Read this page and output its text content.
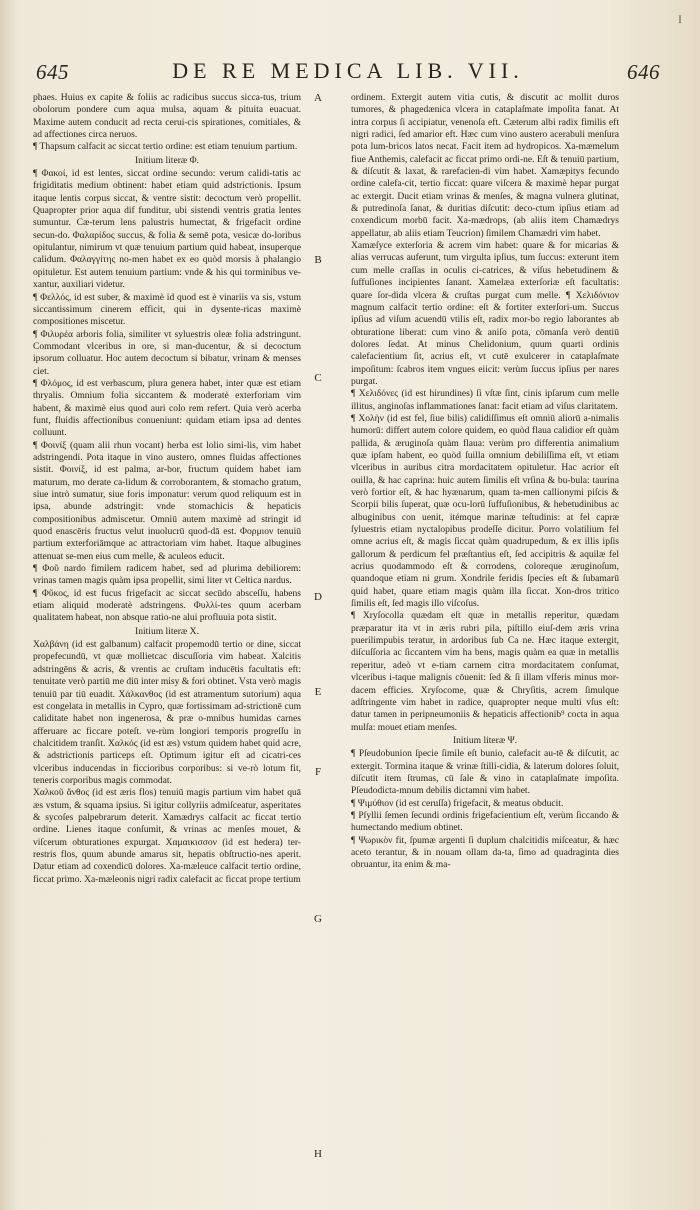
645	DE RE MEDICA LIB. VII.	646
I

phaes. Huius ex capite & foliis ac radicibus succus sicca-tus, trium obolorum pondere cum aqua mulsa, aquam & pituita euacuat. Maxime autem conducit ad recta cerui-cis spirationes, comitiales, & ad affectiones circa neruos.

¶ Thapsum calfacit ac siccat tertio ordine: est etiam tenuium partium.

Initium literæ Φ.

¶ Φακοί, id est lentes, siccat ordine secundo: verum calidi-tatis ac frigiditatis medium obtinent: habet etiam quid adstrictionis. Ipsum itaque lentis corpus siccat, & ventre sistit: decoctum verò propellit. Quapropter prior aqua dif funditur, ubi sistendi ventris gratia lentes sumuntur. Cæ-terum lens palustris humectat, & frigefacit ordine secun-do. Φαλαρίδος succus, & folia & semē pota, vesicæ do-loribus opitulantur, nimirum vt quæ tenuium partium quid habeat, insuperque calidum. Φαλαγγίτης no-men habet ex eo quòd morsis à phalangio opituletur. Est autem tenuium partium: vnde & his qui torminibus ve-xantur, auxiliari videtur.

¶ Φελλός, id est suber, & maximè id quod est è vinariis va sis, vstum siccantissimum cinerem efficit, qui in dysente-ricas maximè compositiones miscetur.

¶ Φιλυρέα arboris folia, similiter vt syluestris oleæ folia adstringunt. Commodant vlceribus in ore, si man-ducentur, & si decoctum ipsorum colluatur. Hoc autem decoctum si bibatur, vrinam & menses ciet.

¶ Φλόμος, id est verbascum, plura genera habet, inter quæ est etiam thryalis. Omnium folia siccantem & moderatè exterforiam vim habent, & maximè eius quod auri colo rem refert. Quia verò acerba funt, fluidis affectionibus conueniunt: quidam etiam ipsa ad dentes colluunt.

¶ Φοινίξ (quam alii rhun vocant) herba est lolio simi-lis, vim habet adstringendi. Pota itaque in vino austero, omnes fluidas affectiones sistit. Φοινίξ, id est palma, ar-bor, fructum quidem habet iam maturum, mo derate ca-lidum & corroborantem, & stomacho gratum, siue intrò sumatur, siue foris imponatur: verum quod reliquum est in ipsa, abunde adstringit: vnde stomachicis & hepaticis compositionibus admiscetur. Omniū autem maximè ad stringit id quod enascēris fructus velut inuolucrū quod-dā est. Φορμιον tenuiū partium exterforiāmque ac attractoriam vim habet. Itaque albugines attenuat se-men eius cum melle, & aculeos educit.

¶ Φοῦ nardo fimilem radicem habet, sed ad plurima debiliorem: vrinas tamen magis quàm ipsa propellit, simi liter vt Celtica nardus.

¶ Φῦκος, id est fucus frigefacit ac siccat secūdo absceſſu, habens etiam aliquid moderatè adstringens. Φυλλί-tes quum acerbam qualitatem habeat, non absque ratio-ne alui profluuia pota sistit.

Initium literæ X.

Χαλβάνη (id est galbanum) calfacit propemodū tertio or dine, siccat propefecundū, vt quæ mollietcac discuſſoria vim habeat. Xalcitis adstringēns & acris, & vrentis ac cruſtam inducētis facultatis eft: tenuitate verò partiū me diū inter misy & fori obtinet. Vsta verò magis tenuiū par tiū euadit. Χάλκανθος (id est atramentum sutorium) aqua est congelata in metallis in Cypro, quæ fortissimam ad-strictionē cum caliditate habet non ingenerosa, & præ o-mnibus humidas carnes afferuare ac ficcare poteſt. ve-rùm longiori temporis progreſſu in chalcitidem tranſit. Χαλκός (id est æs) vstum quidem habet quid acre, & adstrictionis particeps eſt. Optimum igitur eſt ad cicatri-ces vlceribus inducendas in ficcioribus corporibus: si ve-rò lotum fit, teneris corporibus magis commodat.

Χαλκοῦ ἄνθος (id est æris flos) tenuiū magis partium vim habet quā æs vstum, & squama ipsius. Si igitur collyriis admiſceatur, asperitates & sycoſes palpebrarum deterit. Xamædrys calfacit ac ficcat tertio ordine. Lienes itaque conſumit, & vrinas ac menſes mouet, & viſcerum obturationes expurgat. Χαμαικισσον (id est hedera) ter-restris flos, quum abunde amarus sit, hepatis obſtructio-nes aperit. Datur etiam ad coxendicū dolores. Xa-mæleuce calfacit tertio ordine, ficcat primo. Xa-mæleonis nigri radix calefacit ac ficcat prope tertium

A
B
C
D
E
F
G
H

ordinem. Extergit autem vitia cutis, & discutit ac mollit duros tumores, & phagedænica vlcera in cataplaſmate impoſita fanat. At intra corpus ſi accipiatur, venenoſa eft. Cæterum albi radix fimilis eft nigri radici, ſed amarior eft. Hæc cum vino austero acerabuli menſura pota lum-bricos latos necat. Facit item ad hydropicos. Xa-mæmelum fiue Anthemis, calefacit ac ficcat primo ordi-ne. Eſt & tenuiū partium, & diſcutit & laxat, & rarefacien-di vim habet. Xamæpitys fecundo ordine calefa-cit, tertio ficcat: quare viſcera & maximè hepar purgat ac extergit. Ducit etiam vrinas & menſes, & magna vulnera glutinat, & putredinoſa ſanat, & duritias diſcutit: deco-ctum ipſius etiam ad coxendicum morbū facit. Xa-mædrops, (ab aliis item Chamædrys appellatur, ab aliis etiam Teucrion) ſimilem Chamædri vim habet.

Xamæſyce exterſoria & acrem vim habet: quare & for micarias & alias verrucas auferunt, tum virgulta ipſius, tum ſuccus: exterunt item cum melle craſſas in oculis ci-catrices, & viſus hebetudinem & ſuffuſiones incipientes ſanant. Xamelæa exterſoriæ eſt facultatis: quare ſor-dida vlcera & cruſtas purgat cum melle. ¶ Χελιδόνιον magnum calfacit tertio ordine: eſt & fortiter exterſori-um. Succus ipſius ad viſum acuendū vtilis eſt, radix mor-bo regio laborantes ab obturatione liberat: cum vino & aniſo pota, cōmanſa verò dentiū dolores ſedat. At minus Chelidonium, quum quarti ordinis calefacientium ſit, acrius eſt, vt cutē exulcerer in cataplaſmate impoſitum: ſcabros item vngues eiicit: verùm ſuccus ipſius per nares purgat.

¶ Χελιδόνες (id est hirundines) ſi vſtæ ſint, cinis ipſarum cum melle illitus, anginoſas inflammationes ſanat: facit etiam ad viſus claritatem.

¶ Χολὴν (id est fel, ſiue bilis) calidiſſimus eſt omniū aliorū a-nimalis humorū: differt autem colore quidem, eo quòd flaua calidior eſt quàm pallida, & æruginoſa quàm flaua: verùm pro differentia animalium quæ ipſam habent, eo quòd ſuilla omnium debiliſſima eſt, vt etiam vlceribus in auribus citra mordacitatem opituletur. Hac acrior eſt ouilla, & hac caprina: huic autem ſimilis eſt vrſina & bu-bula: taurina verò fortior eſt, & hac hyænarum, quam ta-men callionymi piſcis & Scorpii bilis ſuperat, quæ ocu-lorū ſuffuſionibus, & hebetudinibus ac albuginibus con uenit, itémque marinæ teſtudinis: at fel capræ ſyluestris etiam nyctalopibus prodeſſe dicitur. Porro volatilium fel omne acrius eſt, & magis ſiccat quàm quadrupedum, & ex illis ipſis gallorum & perdicum fel præſtantius eſt, ſed accipitris & aquilæ fel acrius quodammodo eſt & corrodens, coloreque æruginoſum, quandoque etiam ni grum. Xondrile feridis ſpecies eſt & ſubamarū quid habet, quare etiam magis quàm illa ſiccat. Xon-dros tritico ſimilis eſt, ſed magis illo viſcoſus.

¶ Xryſocolla quædam eſt quæ in metallis reperitur, quædam præparatur ita vt in æris rubri pila, piſtillo eiuſ-dem æris vrina puerilimpubis teratur, in ardoribus ſub Ca ne. Hæc itaque extergit, diſcuſſoria ac ſiccantem vim ha bens, magis quàm ea quæ in metallis reperitur, adeò vt e-tiam carnem citra mordacitatem conſumat, vlceribus i-taque malignis cōuenit: ſed & ſi illam vſferis minus mor-dacem efficies. Xryſocome, quæ & Chryſitis, acrem ſimulque adſtringente vim habet in radice, quapropter neque multi vſus eſt: datur tamen in peripneumoniis & hepaticis affectionib⁹ cocta in aqua mulſa: mouet etiam menſes.

Initium literæ Ψ.

¶ Pſeudobunion ſpecie ſimile eſt bunio, calefacit au-tē & diſcutit, ac extergit. Tormina itaque & vrinæ ſtilli-cidia, & laterum dolores ſoluit, diſcutit item ſtrumas, cū ſale & vino in cataplaſmate impoſita. Pſeudodicta-mnum debilis dictamni vim habet.

¶ Ψιμύθιον (id est ceruſſa) frigefacit, & meatus obducit.

¶ Pſyllii ſemen ſecundi ordinis frigefacientium eſt, verùm ſiccando & humectando medium obtinet.

¶ Ψωρικὸν fit, ſpumæ argenti ſi duplum chalcitidis miſceatur, & hæc aceto terantur, & in nouam ollam da-ta, ſimo ad quadraginta dies obruantur, ita enim & ma-
